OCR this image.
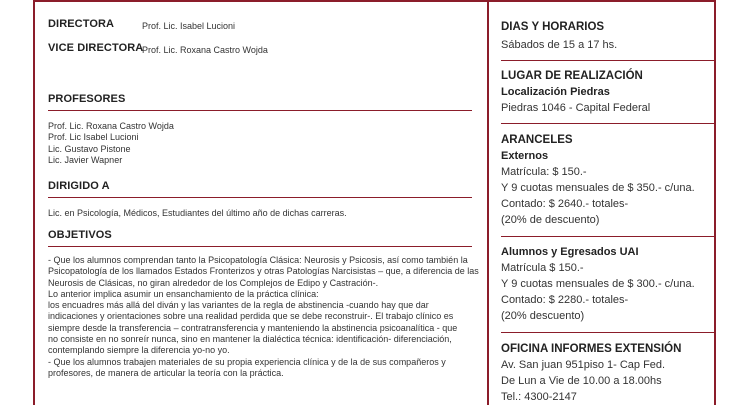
DIRECTORA	Prof. Lic. Isabel Lucioni
VICE DIRECTORA
Prof. Lic. Roxana Castro Wojda
PROFESORES
Prof. Lic. Roxana Castro Wojda
Prof. Lic Isabel Lucioni
Lic. Gustavo Pistone
Lic. Javier Wapner
DIRIGIDO A
Lic. en Psicología, Médicos, Estudiantes del último año de dichas carreras.
OBJETIVOS
- Que los alumnos comprendan tanto la Psicopatología Clásica: Neurosis y Psicosis, así como también la
Psicopatología de los llamados Estados Fronterizos y otras Patologías Narcisistas – que, a diferencia de las
Neurosis de Clásicas, no giran alrededor de los Complejos de Edipo y Castración-.
Lo anterior implica asumir un ensanchamiento de la práctica clínica:
los encuadres más allá del diván y las variantes de la regla de abstinencia -cuando hay que dar
indicaciones y orientaciones sobre una realidad perdida que se debe reconstruir-. El trabajo clínico es
siempre desde la transferencia – contratransferencia y manteniendo la abstinencia psicoanalítica - que
no consiste en no sonreír nunca, sino en mantener la dialéctica técnica: identificación- diferenciación,
contemplando siempre la diferencia yo-no yo.
- Que los alumnos trabajen materiales de su propia experiencia clínica y de la de sus compañeros y
profesores, de manera de articular la teoría con la práctica.
DIAS Y HORARIOS
Sábados de 15 a 17 hs.
LUGAR DE REALIZACIÓN
Localización Piedras
Piedras 1046 - Capital Federal
ARANCELES
Externos
Matrícula: $ 150.-
Y 9 cuotas mensuales de $ 350.- c/una.
Contado: $ 2640.- totales-
(20% de descuento)
Alumnos y Egresados UAI
Matrícula $ 150.-
Y 9 cuotas mensuales de $ 300.- c/una.
Contado: $ 2280.- totales-
(20% descuento)
OFICINA INFORMES EXTENSIÓN
Av. San juan 951piso 1- Cap Fed.
De Lun a Vie de 10.00 a 18.00hs
Tel.: 4300-2147
